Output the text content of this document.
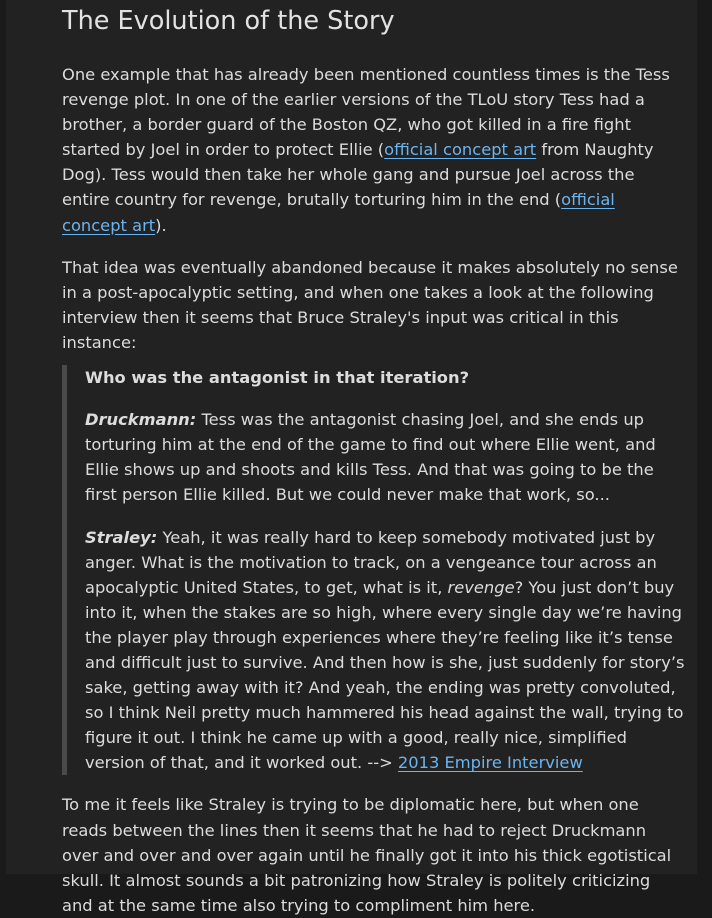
The Evolution of the Story

One example that has already been mentioned countless times is the Tess revenge plot. In one of the earlier versions of the TLoU story Tess had a brother, a border guard of the Boston QZ, who got killed in a fire fight started by Joel in order to protect Ellie (official concept art from Naughty Dog). Tess would then take her whole gang and pursue Joel across the entire country for revenge, brutally torturing him in the end (official concept art).

That idea was eventually abandoned because it makes absolutely no sense in a post-apocalyptic setting, and when one takes a look at the following interview then it seems that Bruce Straley's input was critical in this instance:

Who was the antagonist in that iteration?

Druckmann: Tess was the antagonist chasing Joel, and she ends up torturing him at the end of the game to find out where Ellie went, and Ellie shows up and shoots and kills Tess. And that was going to be the first person Ellie killed. But we could never make that work, so...

Straley: Yeah, it was really hard to keep somebody motivated just by anger. What is the motivation to track, on a vengeance tour across an apocalyptic United States, to get, what is it, revenge? You just don’t buy into it, when the stakes are so high, where every single day we’re having the player play through experiences where they’re feeling like it’s tense and difficult just to survive. And then how is she, just suddenly for story’s sake, getting away with it? And yeah, the ending was pretty convoluted, so I think Neil pretty much hammered his head against the wall, trying to figure it out. I think he came up with a good, really nice, simplified version of that, and it worked out. --> 2013 Empire Interview

To me it feels like Straley is trying to be diplomatic here, but when one reads between the lines then it seems that he had to reject Druckmann over and over and over again until he finally got it into his thick egotistical skull. It almost sounds a bit patronizing how Straley is politely criticizing and at the same time also trying to compliment him here.
